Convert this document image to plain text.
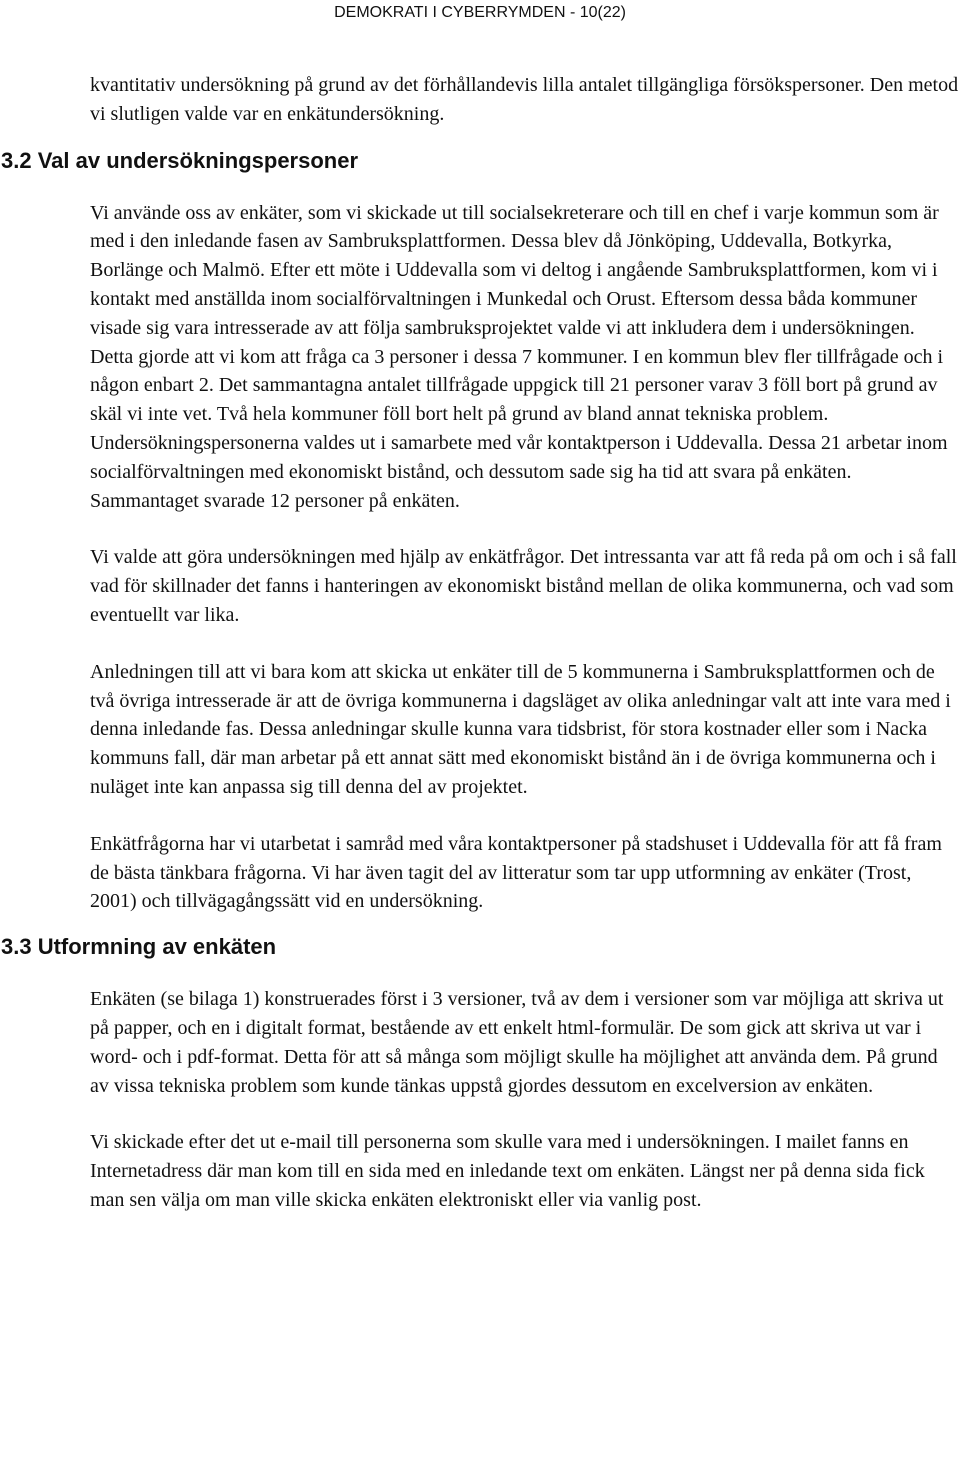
DEMOKRATI I CYBERRYMDEN - 10(22)

kvantitativ undersökning på grund av det förhållandevis lilla antalet tillgängliga försökspersoner. Den metod vi slutligen valde var en enkätundersökning.

3.2 Val av undersökningspersoner

Vi använde oss av enkäter, som vi skickade ut till socialsekreterare och till en chef i varje kommun som är med i den inledande fasen av Sambruksplattformen. Dessa blev då Jönköping, Uddevalla, Botkyrka, Borlänge och Malmö. Efter ett möte i Uddevalla som vi deltog i angående Sambruksplattformen, kom vi i kontakt med anställda inom socialförvaltningen i Munkedal och Orust. Eftersom dessa båda kommuner visade sig vara intresserade av att följa sambruksprojektet valde vi att inkludera dem i undersökningen. Detta gjorde att vi kom att fråga ca 3 personer i dessa 7 kommuner. I en kommun blev fler tillfrågade och i någon enbart 2. Det sammantagna antalet tillfrågade uppgick till 21 personer varav 3 föll bort på grund av skäl vi inte vet. Två hela kommuner föll bort helt på grund av bland annat tekniska problem. Undersökningspersonerna valdes ut i samarbete med vår kontaktperson i Uddevalla. Dessa 21 arbetar inom socialförvaltningen med ekonomiskt bistånd, och dessutom sade sig ha tid att svara på enkäten. Sammantaget svarade 12 personer på enkäten.

Vi valde att göra undersökningen med hjälp av enkätfrågor. Det intressanta var att få reda på om och i så fall vad för skillnader det fanns i hanteringen av ekonomiskt bistånd mellan de olika kommunerna, och vad som eventuellt var lika.

Anledningen till att vi bara kom att skicka ut enkäter till de 5 kommunerna i Sambruksplattformen och de två övriga intresserade är att de övriga kommunerna i dagsläget av olika anledningar valt att inte vara med i denna inledande fas. Dessa anledningar skulle kunna vara tidsbrist, för stora kostnader eller som i Nacka kommuns fall, där man arbetar på ett annat sätt med ekonomiskt bistånd än i de övriga kommunerna och i nuläget inte kan anpassa sig till denna del av projektet.

Enkätfrågorna har vi utarbetat i samråd med våra kontaktpersoner på stadshuset i Uddevalla för att få fram de bästa tänkbara frågorna. Vi har även tagit del av litteratur som tar upp utformning av enkäter (Trost, 2001) och tillvägagångssätt vid en undersökning.

3.3 Utformning av enkäten

Enkäten (se bilaga 1) konstruerades först i 3 versioner, två av dem i versioner som var möjliga att skriva ut på papper, och en i digitalt format, bestående av ett enkelt html-formulär. De som gick att skriva ut var i word- och i pdf-format. Detta för att så många som möjligt skulle ha möjlighet att använda dem. På grund av vissa tekniska problem som kunde tänkas uppstå gjordes dessutom en excelversion av enkäten.

Vi skickade efter det ut e-mail till personerna som skulle vara med i undersökningen. I mailet fanns en Internetadress där man kom till en sida med en inledande text om enkäten. Längst ner på denna sida fick man sen välja om man ville skicka enkäten elektroniskt eller via vanlig post.
